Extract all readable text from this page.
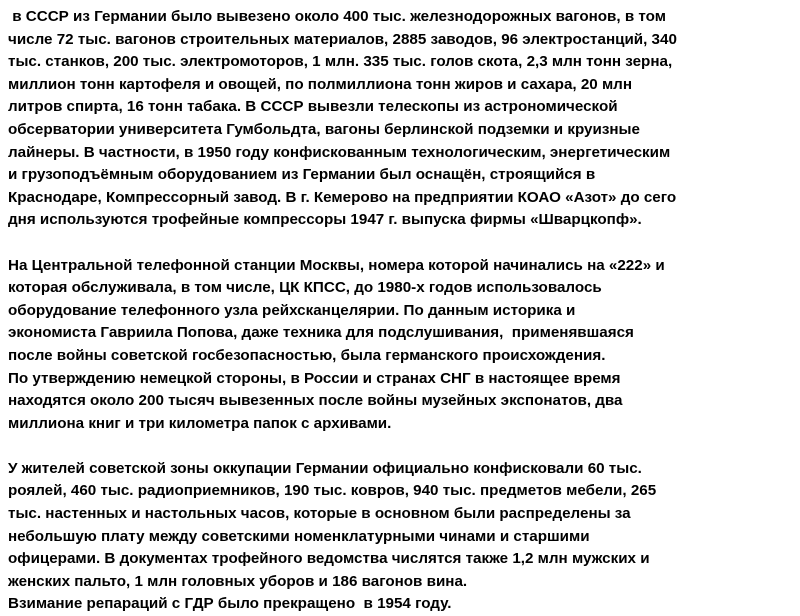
в СССР из Германии было вывезено около 400 тыс. железнодорожных вагонов, в том
числе 72 тыс. вагонов строительных материалов, 2885 заводов, 96 электростанций, 340
тыс. станков, 200 тыс. электромоторов, 1 млн. 335 тыс. голов скота, 2,3 млн тонн зерна,
миллион тонн картофеля и овощей, по полмиллиона тонн жиров и сахара, 20 млн
литров спирта, 16 тонн табака. В СССР вывезли телескопы из астрономической
обсерватории университета Гумбольдта, вагоны берлинской подземки и круизные
лайнеры. В частности, в 1950 году конфискованным технологическим, энергетическим
и грузоподъёмным оборудованием из Германии был оснащён, строящийся в
Краснодаре, Компрессорный завод. В г. Кемерово на предприятии КОАО «Азот» до сего
дня используются трофейные компрессоры 1947 г. выпуска фирмы «Шварцкопф».
На Центральной телефонной станции Москвы, номера которой начинались на «222» и
которая обслуживала, в том числе, ЦК КПСС, до 1980-х годов использовалось
оборудование телефонного узла рейхсканцелярии. По данным историка и
экономиста Гавриила Попова, даже техника для подслушивания,  применявшаяся
после войны советской госбезопасностью, была германского происхождения.
По утверждению немецкой стороны, в России и странах СНГ в настоящее время
находятся около 200 тысяч вывезенных после войны музейных экспонатов, два
миллиона книг и три километра папок с архивами.
У жителей советской зоны оккупации Германии официально конфисковали 60 тыс.
роялей, 460 тыс. радиоприемников, 190 тыс. ковров, 940 тыс. предметов мебели, 265
тыс. настенных и настольных часов, которые в основном были распределены за
небольшую плату между советскими номенклатурными чинами и старшими
офицерами. В документах трофейного ведомства числятся также 1,2 млн мужских и
женских пальто, 1 млн головных уборов и 186 вагонов вина.
Взимание репараций с ГДР было прекращено  в 1954 году.
